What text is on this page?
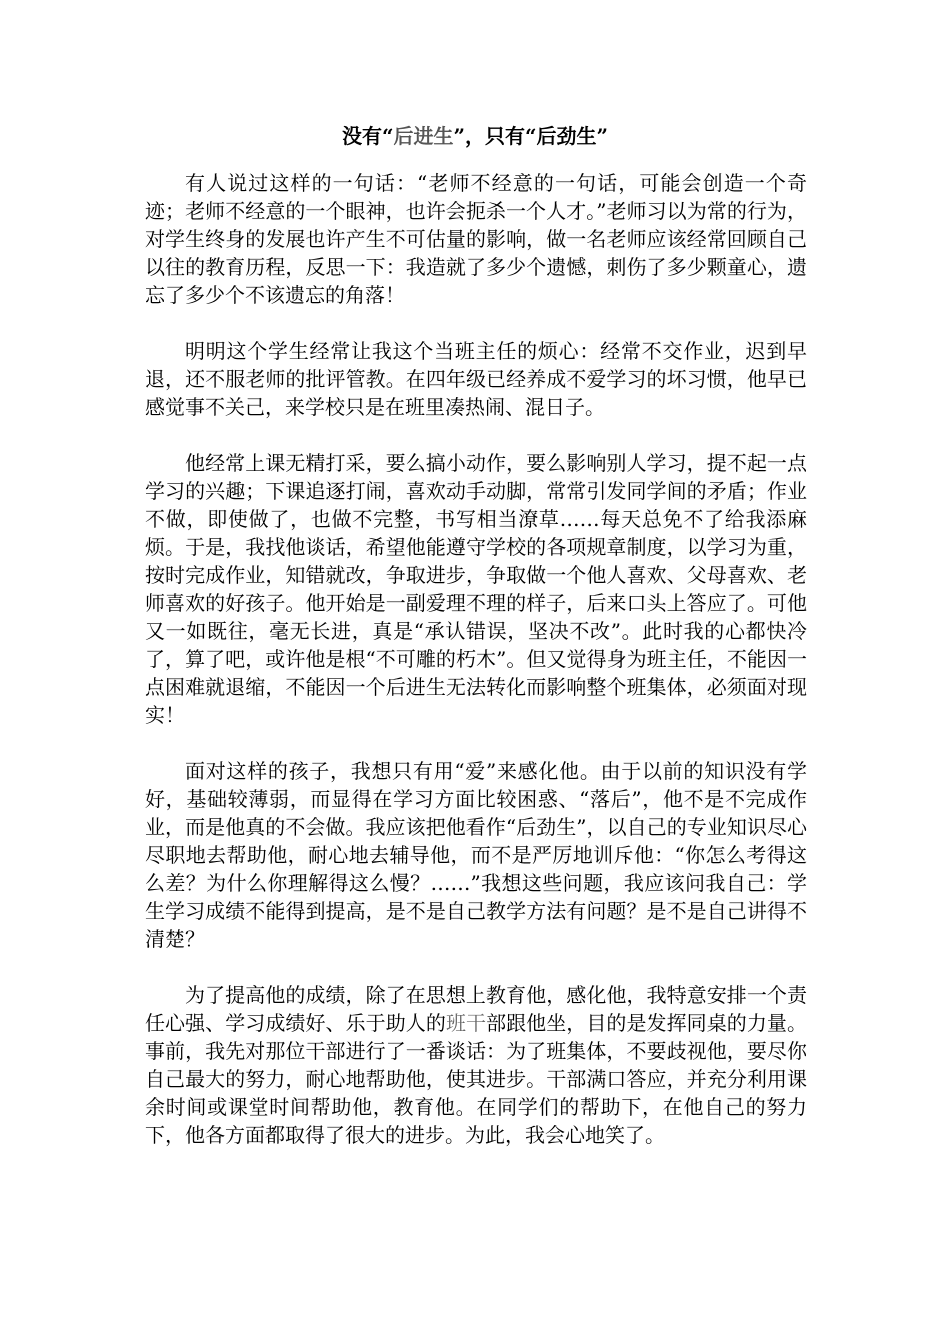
没有“后进生”，只有“后劲生”

有人说过这样的一句话：“老师不经意的一句话，可能会创造一个奇迹；老师不经意的一个眼神，也许会扼杀一个人才。”老师习以为常的行为，对学生终身的发展也许产生不可估量的影响，做一名老师应该经常回顾自己以往的教育历程，反思一下：我造就了多少个遗憾，刺伤了多少颗童心，遗忘了多少个不该遗忘的角落！

明明这个学生经常让我这个当班主任的烦心：经常不交作业，迟到早退，还不服老师的批评管教。在四年级已经养成不爱学习的坏习惯，他早已感觉事不关己，来学校只是在班里凑热闹、混日子。

他经常上课无精打采，要么搞小动作，要么影响别人学习，提不起一点学习的兴趣；下课追逐打闹，喜欢动手动脚，常常引发同学间的矛盾；作业不做，即使做了，也做不完整，书写相当潦草……每天总免不了给我添麻烦。于是，我找他谈话，希望他能遵守学校的各项规章制度，以学习为重，按时完成作业，知错就改，争取进步，争取做一个他人喜欢、父母喜欢、老师喜欢的好孩子。他开始是一副爱理不理的样子，后来口头上答应了。可他又一如既往，毫无长进，真是“承认错误，坚决不改”。此时我的心都快冷了，算了吧，或许他是根“不可雕的朽木”。但又觉得身为班主任，不能因一点困难就退缩，不能因一个后进生无法转化而影响整个班集体，必须面对现实！

面对这样的孩子，我想只有用“爱”来感化他。由于以前的知识没有学好，基础较薄弱，而显得在学习方面比较困惑、“落后”，他不是不完成作业，而是他真的不会做。我应该把他看作“后劲生”，以自己的专业知识尽心尽职地去帮助他，耐心地去辅导他，而不是严厉地训斥他：“你怎么考得这么差？为什么你理解得这么慢？……”我想这些问题，我应该问我自己：学生学习成绩不能得到提高，是不是自己教学方法有问题？是不是自己讲得不清楚？

为了提高他的成绩，除了在思想上教育他，感化他，我特意安排一个责任心强、学习成绩好、乐于助人的班干部跟他坐，目的是发挥同桌的力量。事前，我先对那位干部进行了一番谈话：为了班集体，不要歧视他，要尽你自己最大的努力，耐心地帮助他，使其进步。干部满口答应，并充分利用课余时间或课堂时间帮助他，教育他。在同学们的帮助下，在他自己的努力下，他各方面都取得了很大的进步。为此，我会心地笑了。
